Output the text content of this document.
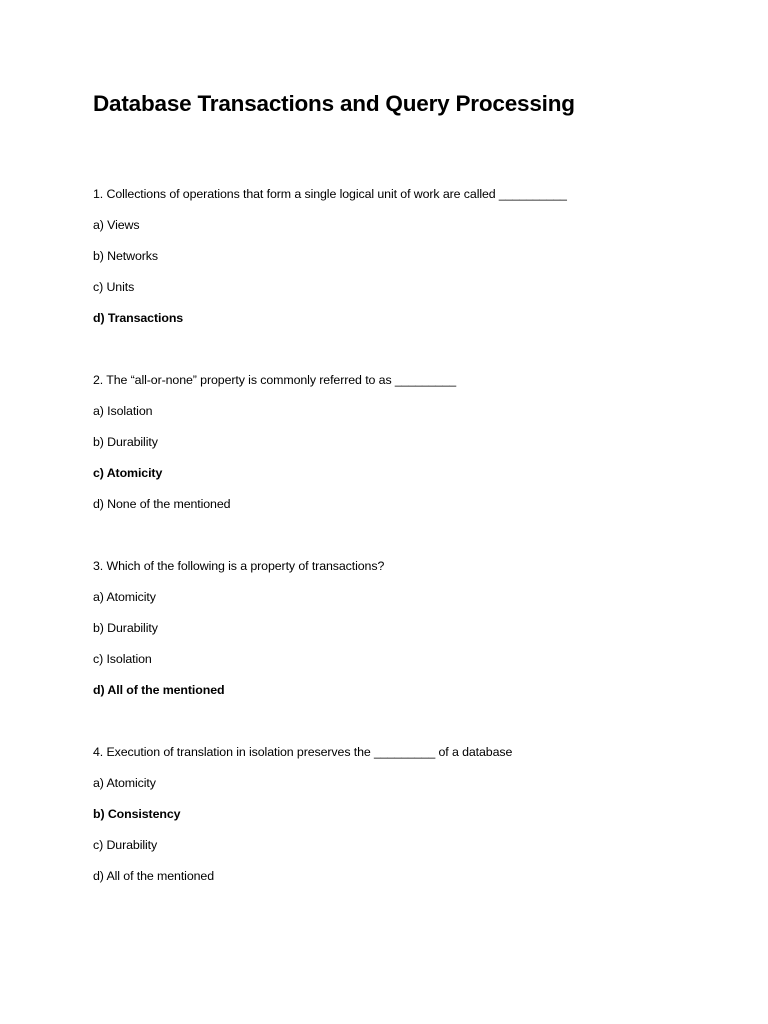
Database Transactions and Query Processing

1. Collections of operations that form a single logical unit of work are called __________

a) Views

b) Networks

c) Units

d) Transactions

2. The “all-or-none” property is commonly referred to as _________

a) Isolation

b) Durability

c) Atomicity

d) None of the mentioned

3. Which of the following is a property of transactions?

a) Atomicity

b) Durability

c) Isolation

d) All of the mentioned

4. Execution of translation in isolation preserves the _________ of a database

a) Atomicity

b) Consistency

c) Durability

d) All of the mentioned
